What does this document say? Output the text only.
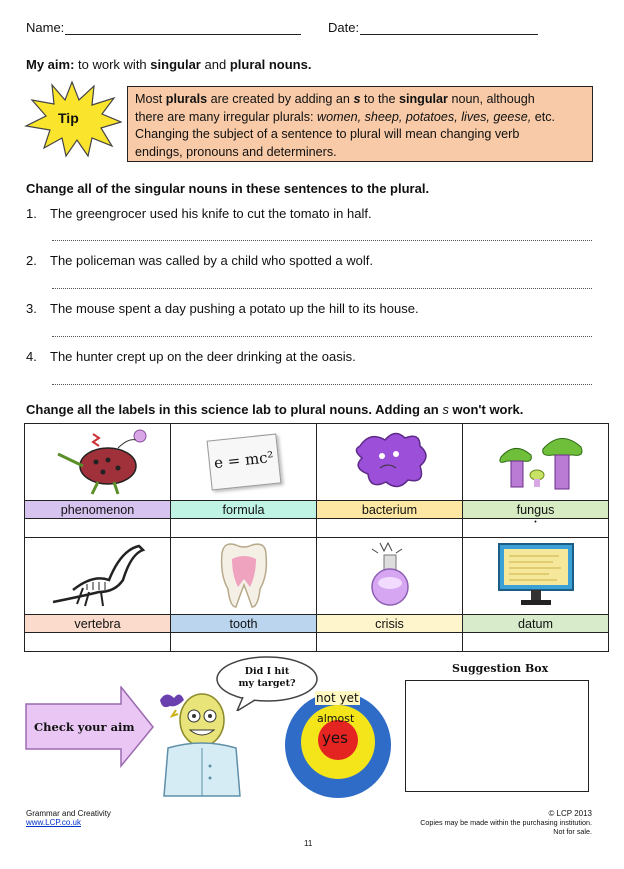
Name:	Date:
My aim: to work with singular and plural nouns.
Tip
Most plurals are created by adding an s to the singular noun, although
there are many irregular plurals: women, sheep, potatoes, lives, geese, etc.
Changing the subject of a sentence to plural will mean changing verb
endings, pronouns and determiners.
Change all of the singular nouns in these sentences to the plural.
1. The greengrocer used his knife to cut the tomato in half.
2. The policeman was called by a child who spotted a wolf.
3. The mouse spent a day pushing a potato up the hill to its house.
4. The hunter crept up on the deer drinking at the oasis.
Change all the labels in this science lab to plural nouns. Adding an s won't work.
	e = mc²		
phenomenon	formula	bacterium	fungus
			•

vertebra	tooth	crisis	datum

Check your aim
Did I hit
my target?
not yet
almost
yes
Suggestion Box
Grammar and Creativity
www.LCP.co.uk
11
© LCP 2013
Copies may be made within the purchasing institution.
Not for sale.
